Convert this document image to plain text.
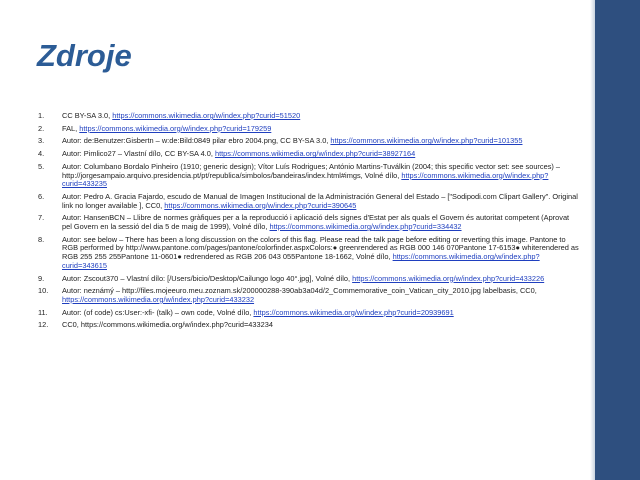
Zdroje
1.	CC BY-SA 3.0, https://commons.wikimedia.org/w/index.php?curid=51520
2.	FAL, https://commons.wikimedia.org/w/index.php?curid=179259
3.	Autor: de:Benutzer:Gisbertn – w:de:Bild:0849 pilar ebro 2004.png, CC BY-SA 3.0, https://commons.wikimedia.org/w/index.php?curid=101355
4.	Autor: Pimlico27 – Vlastní dílo, CC BY-SA 4.0, https://commons.wikimedia.org/w/index.php?curid=38927164
5.	Autor: Columbano Bordalo Pinheiro (1910; generic design); Vítor Luís Rodrigues; António Martins-Tuválkin (2004; this specific vector set: see sources) – http://jorgesampaio.arquivo.presidencia.pt/pt/republica/simbolos/bandeiras/index.html#imgs, Volné dílo, https://commons.wikimedia.org/w/index.php?curid=433235
6.	Autor: Pedro A. Gracia Fajardo, escudo de Manual de Imagen Institucional de la Administración General del Estado – ["Sodipodi.com Clipart Gallery". Original link no longer available ], CC0, https://commons.wikimedia.org/w/index.php?curid=390645
7.	Autor: HansenBCN – Llibre de normes gràfiques per a la reproducció i aplicació dels signes d'Estat per als quals el Govern és autoritat competent (Aprovat pel Govern en la sessió del dia 5 de maig de 1999), Volné dílo, https://commons.wikimedia.org/w/index.php?curid=334432
8.	Autor: see below – There has been a long discussion on the colors of this flag. Please read the talk page before editing or reverting this image. Pantone to RGB performed by http://www.pantone.com/pages/pantone/colorfinder.aspxColors:● greenrendered as RGB 000 146 070Pantone 17-6153● whiterendered as RGB 255 255 255Pantone 11-0601● redrendered as RGB 206 043 055Pantone 18-1662, Volné dílo, https://commons.wikimedia.org/w/index.php?curid=343615
9.	Autor: Zscout370 – Vlastní dílo: [/Users/bicio/Desktop/Cailungo logo 40°.jpg], Volné dílo, https://commons.wikimedia.org/w/index.php?curid=433226
10.	Autor: neznámý – http://files.mojeeuro.meu.zoznam.sk/200000288-390ab3a04d/2_Commemorative_coin_Vatican_city_2010.jpg labelbasis, CC0, https://commons.wikimedia.org/w/index.php?curid=433232
11.	Autor: (of code) cs:User:-xfi- (talk) – own code, Volné dílo, https://commons.wikimedia.org/w/index.php?curid=20939691
12.	CC0, https://commons.wikimedia.org/w/index.php?curid=433234
